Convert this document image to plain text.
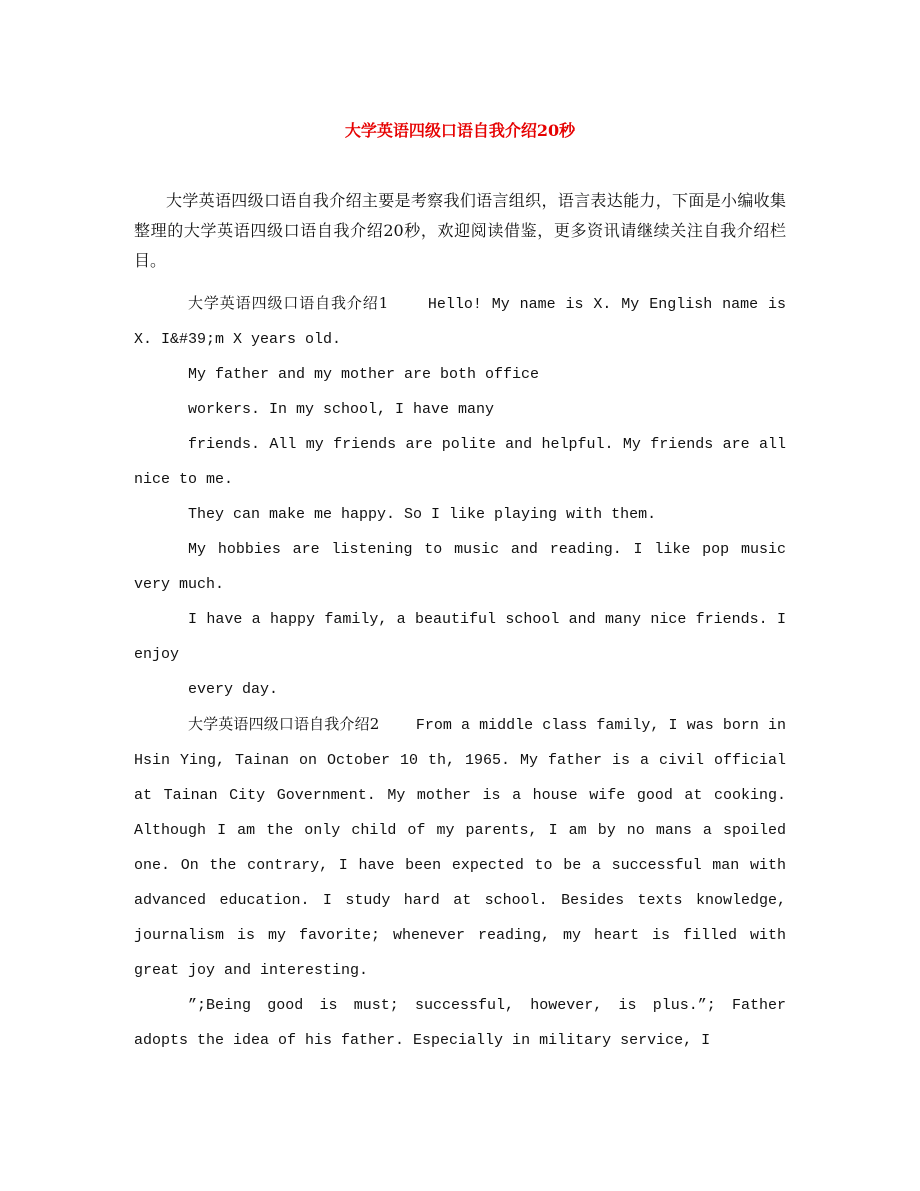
大学英语四级口语自我介绍20秒

大学英语四级口语自我介绍主要是考察我们语言组织，语言表达能力，下面是小编收集整理的大学英语四级口语自我介绍20秒，欢迎阅读借鉴，更多资讯请继续关注自我介绍栏目。

大学英语四级口语自我介绍1	Hello! My name is X. My English name is X. I&#39;m X years old.

My father and my mother are both office

workers. In my school, I have many

friends. All my friends are polite and helpful. My friends are all nice to me.

They can make me happy. So I like playing with them.

My hobbies are listening to music and reading. I like pop music very much.

I have a happy family, a beautiful school and many nice friends. I enjoy

every day.

大学英语四级口语自我介绍2 From a middle class family, I was born in Hsin Ying, Tainan on October 10 th, 1965. My father is a civil official at Tainan City Government. My mother is a house wife good at cooking. Although I am the only child of my parents, I am by no mans a spoiled one. On the contrary, I have been expected to be a successful man with advanced education. I study hard at school. Besides texts knowledge, journalism is my favorite; whenever reading, my heart is filled with great joy and interesting.

”;Being good is must; successful, however, is plus.”; Father adopts the idea of his father. Especially in military service, I
